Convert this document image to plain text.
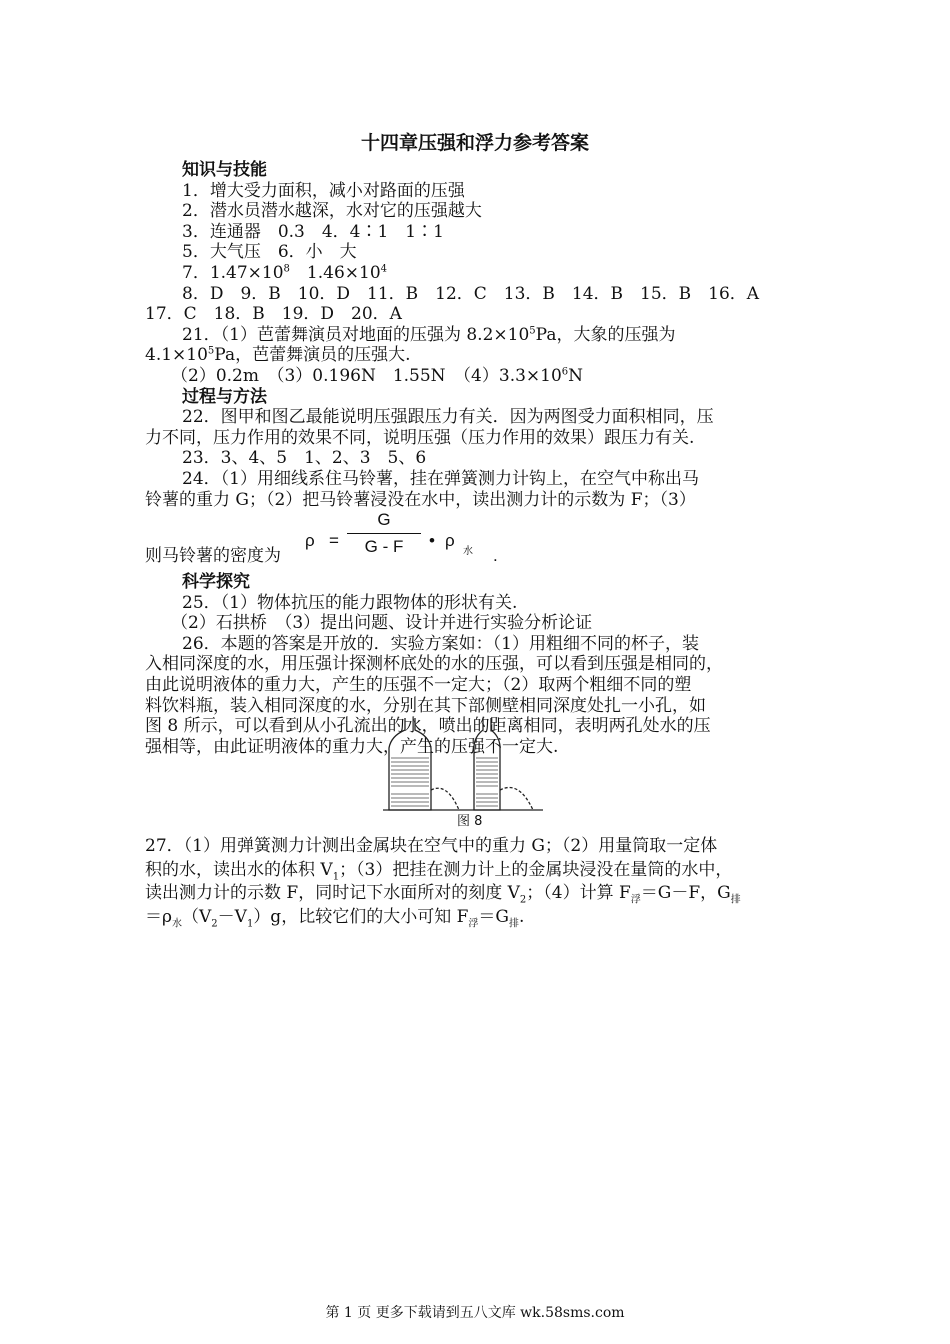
十四章压强和浮力参考答案
知识与技能
1．增大受力面积，减小对路面的压强
2．潜水员潜水越深，水对它的压强越大
3．连通器　0.3　4．4∶1　1∶1
5．大气压　6．小　大
7．$1.47\times 10^8$　$1.46\times 10^4$
8．D　9．B　10．D　11．B　12．C　13．B　14．B　15．B　16．A
17．C　18．B　19．D　20．A
21．（1）芭蕾舞演员对地面的压强为 $8.2\times 10^5Pa$，大象的压强为
$4.1\times 10^5Pa$，芭蕾舞演员的压强大.
（2）0.2m　（3）0.196N　1.55N　$(4)3.3\times 10^6N$
过程与方法
22．图甲和图乙最能说明压强跟压力有关．因为两图受力面积相同，压
力不同，压力作用的效果不同，说明压强（压力作用的效果）跟压力有关.
23．3、4、5　1、2、3　5、6
24．（1）用细线系住马铃薯，挂在弹簧测力计钩上，在空气中称出马
铃薯的重力 G；（2）把马铃薯浸没在水中，读出测力计的示数为 F；（3）
则马铃薯的密度为
ρ =
G
G - F	• ρ
水 .
科学探究
25．（1）物体抗压的能力跟物体的形状有关.
（2）石拱桥　（3）提出问题、设计并进行实验分析论证
26．本题的答案是开放的．实验方案如：（1）用粗细不同的杯子，装
入相同深度的水，用压强计探测杯底处的水的压强，可以看到压强是相同的，
由此说明液体的重力大，产生的压强不一定大；（2）取两个粗细不同的塑
料饮料瓶，装入相同深度的水，分别在其下部侧壁相同深度处扎一小孔，如
图 8 所示，可以看到从小孔流出的水，喷出的距离相同，表明两孔处水的压
强相等，由此证明液体的重力大，产生的压强不一定大.
图 8
27．（1）用弹簧测力计测出金属块在空气中的重力 G；（2）用量筒取一定体
积的水，读出水的体积 $V_1$；（3）把挂在测力计上的金属块浸没在量筒的水中，
读出测力计的示数 F，同时记下水面所对的刻度 $V_2$；（4）计算 $F_浮=G-F$，$G_排$
$=\rho_水(V_2-V_1)g$，比较它们的大小可知 $F_浮=G_排$.
第 1 页 更多下载请到五八文库 wk.58sms.com
